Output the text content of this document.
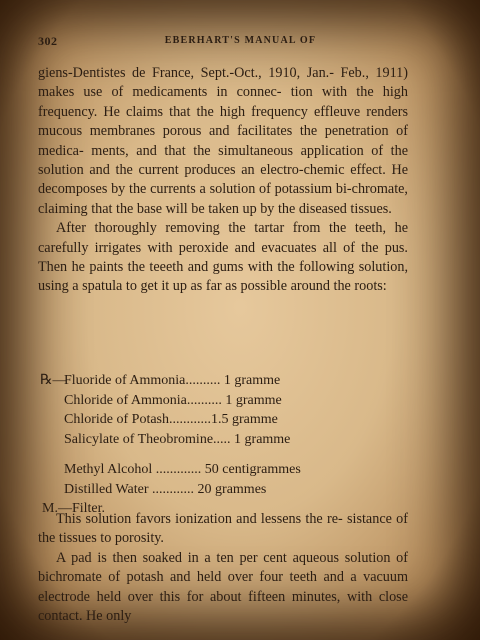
302	EBERHART'S MANUAL OF

giens-Dentistes de France, Sept.-Oct., 1910, Jan.- Feb., 1911) makes use of medicaments in connec- tion with the high frequency. He claims that the high frequency effleuve renders mucous membranes porous and facilitates the penetration of medica- ments, and that the simultaneous application of the solution and the current produces an electro-chemic effect. He decomposes by the currents a solution of potassium bi-chromate, claiming that the base will be taken up by the diseased tissues.

After thoroughly removing the tartar from the teeth, he carefully irrigates with peroxide and evacuates all of the pus. Then he paints the teeeth and gums with the following solution, using a spatula to get it up as far as possible around the roots:

℞—
Fluoride of Ammonia.......... 1 gramme
Chloride of Ammonia.......... 1 gramme
Chloride of Potash............1.5 gramme
Salicylate of Theobromine..... 1 gramme
Methyl Alcohol ............. 50 centigrammes
Distilled Water ............ 20 grammes
M.—Filter.

This solution favors ionization and lessens the re- sistance of the tissues to porosity.

A pad is then soaked in a ten per cent aqueous solution of bichromate of potash and held over four teeth and a vacuum electrode held over this for about fifteen minutes, with close contact. He only
